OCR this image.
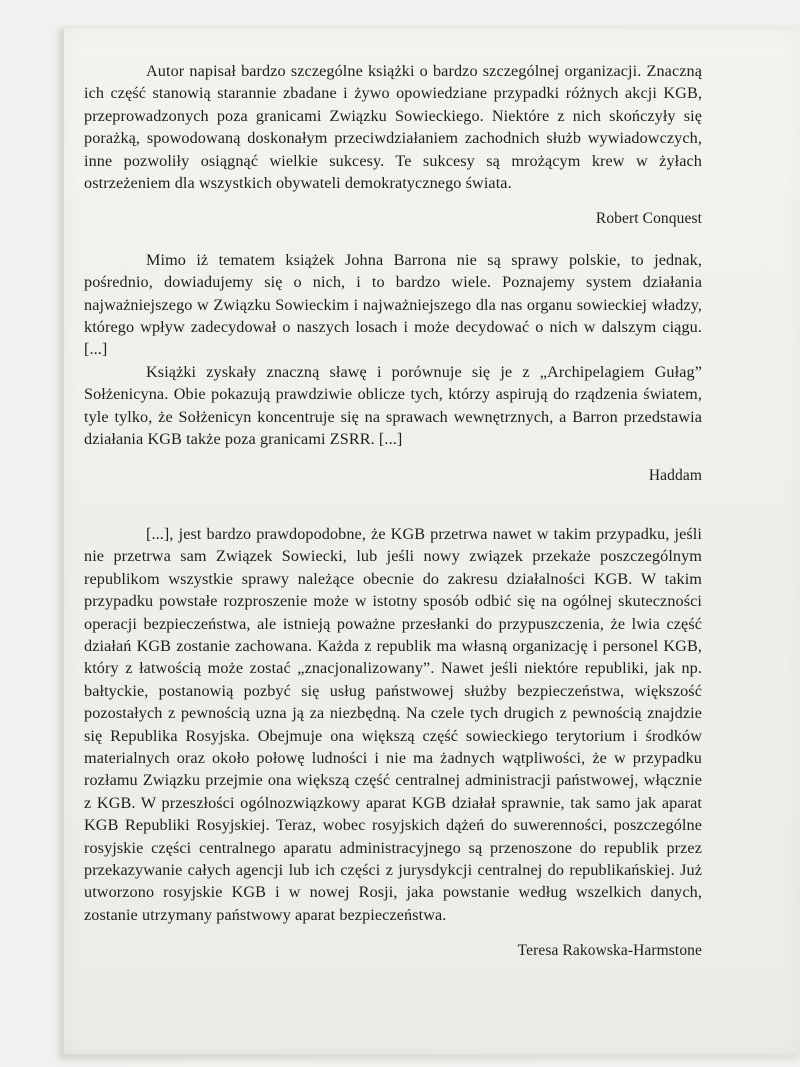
Autor napisał bardzo szczególne książki o bardzo szczególnej organizacji. Znaczną ich część stanowią starannie zbadane i żywo opowiedziane przypadki różnych akcji KGB, przeprowadzonych poza granicami Związku Sowieckiego. Niektóre z nich skończyły się porażką, spowodowaną doskonałym przeciwdziałaniem zachodnich służb wywiadowczych, inne pozwoliły osiągnąć wielkie sukcesy. Te sukcesy są mrożącym krew w żyłach ostrzeżeniem dla wszystkich obywateli demokratycznego świata.

Robert Conquest

Mimo iż tematem książek Johna Barrona nie są sprawy polskie, to jednak, pośrednio, dowiadujemy się o nich, i to bardzo wiele. Poznajemy system działania najważniejszego w Związku Sowieckim i najważniejszego dla nas organu sowieckiej władzy, którego wpływ zadecydował o naszych losach i może decydować o nich w dalszym ciągu. [...]

Książki zyskały znaczną sławę i porównuje się je z „Archipelagiem Gułag” Sołżenicyna. Obie pokazują prawdziwie oblicze tych, którzy aspirują do rządzenia światem, tyle tylko, że Sołżenicyn koncentruje się na sprawach wewnętrznych, a Barron przedstawia działania KGB także poza granicami ZSRR. [...]

Haddam

[...], jest bardzo prawdopodobne, że KGB przetrwa nawet w takim przypadku, jeśli nie przetrwa sam Związek Sowiecki, lub jeśli nowy związek przekaże poszczególnym republikom wszystkie sprawy należące obecnie do zakresu działalności KGB. W takim przypadku powstałe rozproszenie może w istotny sposób odbić się na ogólnej skuteczności operacji bezpieczeństwa, ale istnieją poważne przesłanki do przypuszczenia, że lwia część działań KGB zostanie zachowana. Każda z republik ma własną organizację i personel KGB, który z łatwością może zostać „znacjonalizowany”. Nawet jeśli niektóre republiki, jak np. bałtyckie, postanowią pozbyć się usług państwowej służby bezpieczeństwa, większość pozostałych z pewnością uzna ją za niezbędną. Na czele tych drugich z pewnością znajdzie się Republika Rosyjska. Obejmuje ona większą część sowieckiego terytorium i środków materialnych oraz około połowę ludności i nie ma żadnych wątpliwości, że w przypadku rozłamu Związku przejmie ona większą część centralnej administracji państwowej, włącznie z KGB. W przeszłości ogólnozwiązkowy aparat KGB działał sprawnie, tak samo jak aparat KGB Republiki Rosyjskiej. Teraz, wobec rosyjskich dążeń do suwerenności, poszczególne rosyjskie części centralnego aparatu administracyjnego są przenoszone do republik przez przekazywanie całych agencji lub ich części z jurysdykcji centralnej do republikańskiej. Już utworzono rosyjskie KGB i w nowej Rosji, jaka powstanie według wszelkich danych, zostanie utrzymany państwowy aparat bezpieczeństwa.

Teresa Rakowska-Harmstone
